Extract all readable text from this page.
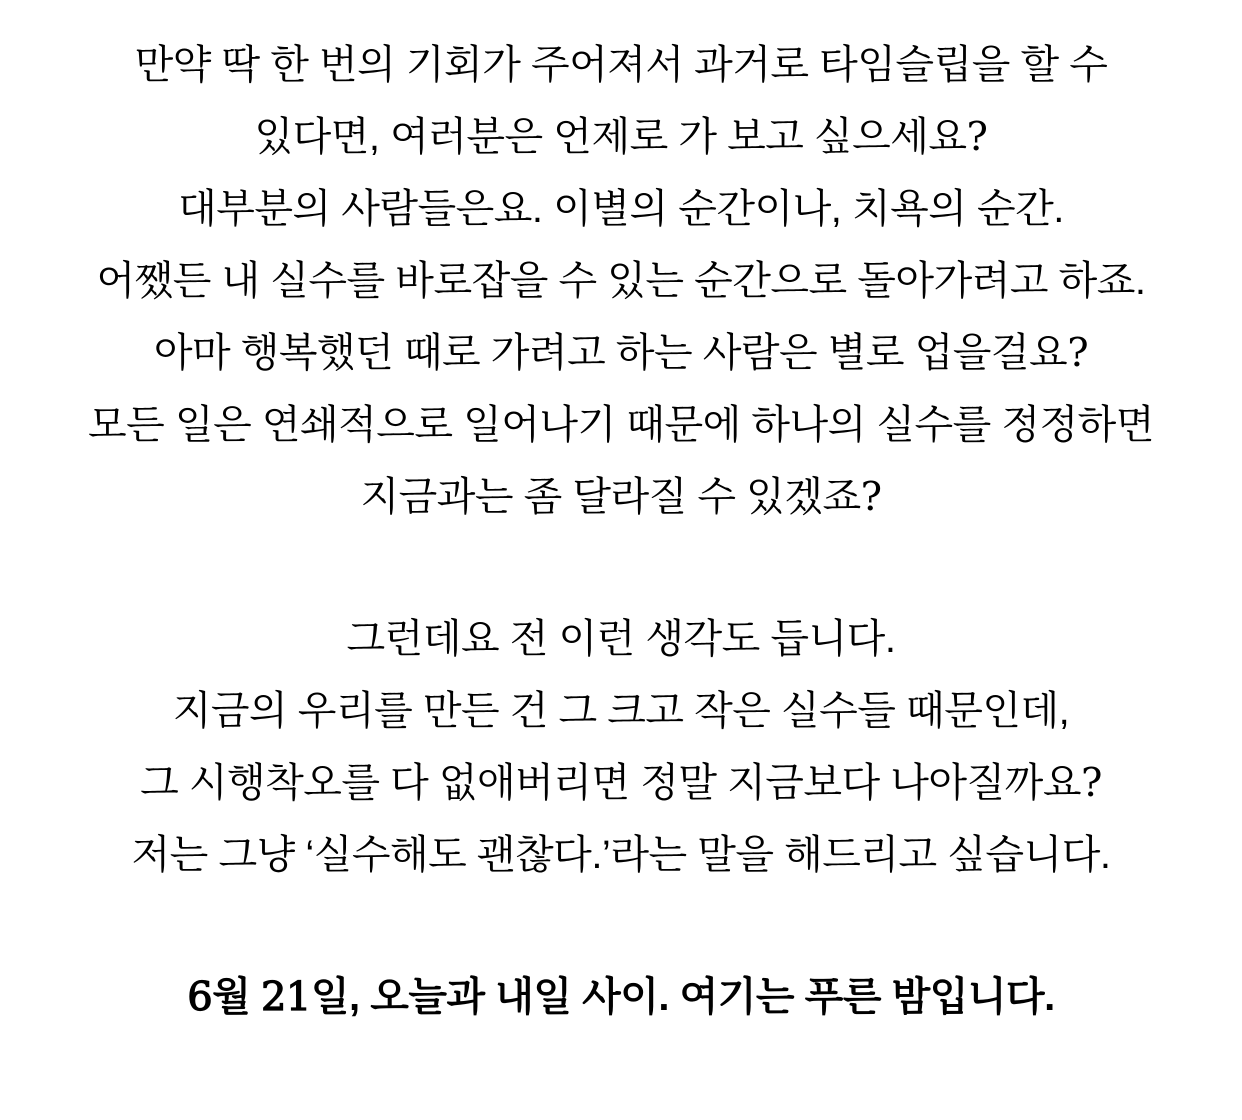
만약 딱 한 번의 기회가 주어져서 과거로 타임슬립을 할 수

있다면, 여러분은 언제로 가 보고 싶으세요?

대부분의 사람들은요. 이별의 순간이나, 치욕의 순간.

어쨌든 내 실수를 바로잡을 수 있는 순간으로 돌아가려고 하죠.

아마 행복했던 때로 가려고 하는 사람은 별로 업을걸요?

모든 일은 연쇄적으로 일어나기 때문에 하나의 실수를 정정하면

지금과는 좀 달라질 수 있겠죠?

그런데요 전 이런 생각도 듭니다.

지금의 우리를 만든 건 그 크고 작은 실수들 때문인데,

그 시행착오를 다 없애버리면 정말 지금보다 나아질까요?

저는 그냥 ‘실수해도 괜찮다.’라는 말을 해드리고 싶습니다.

6월 21일, 오늘과 내일 사이. 여기는 푸른 밤입니다.
